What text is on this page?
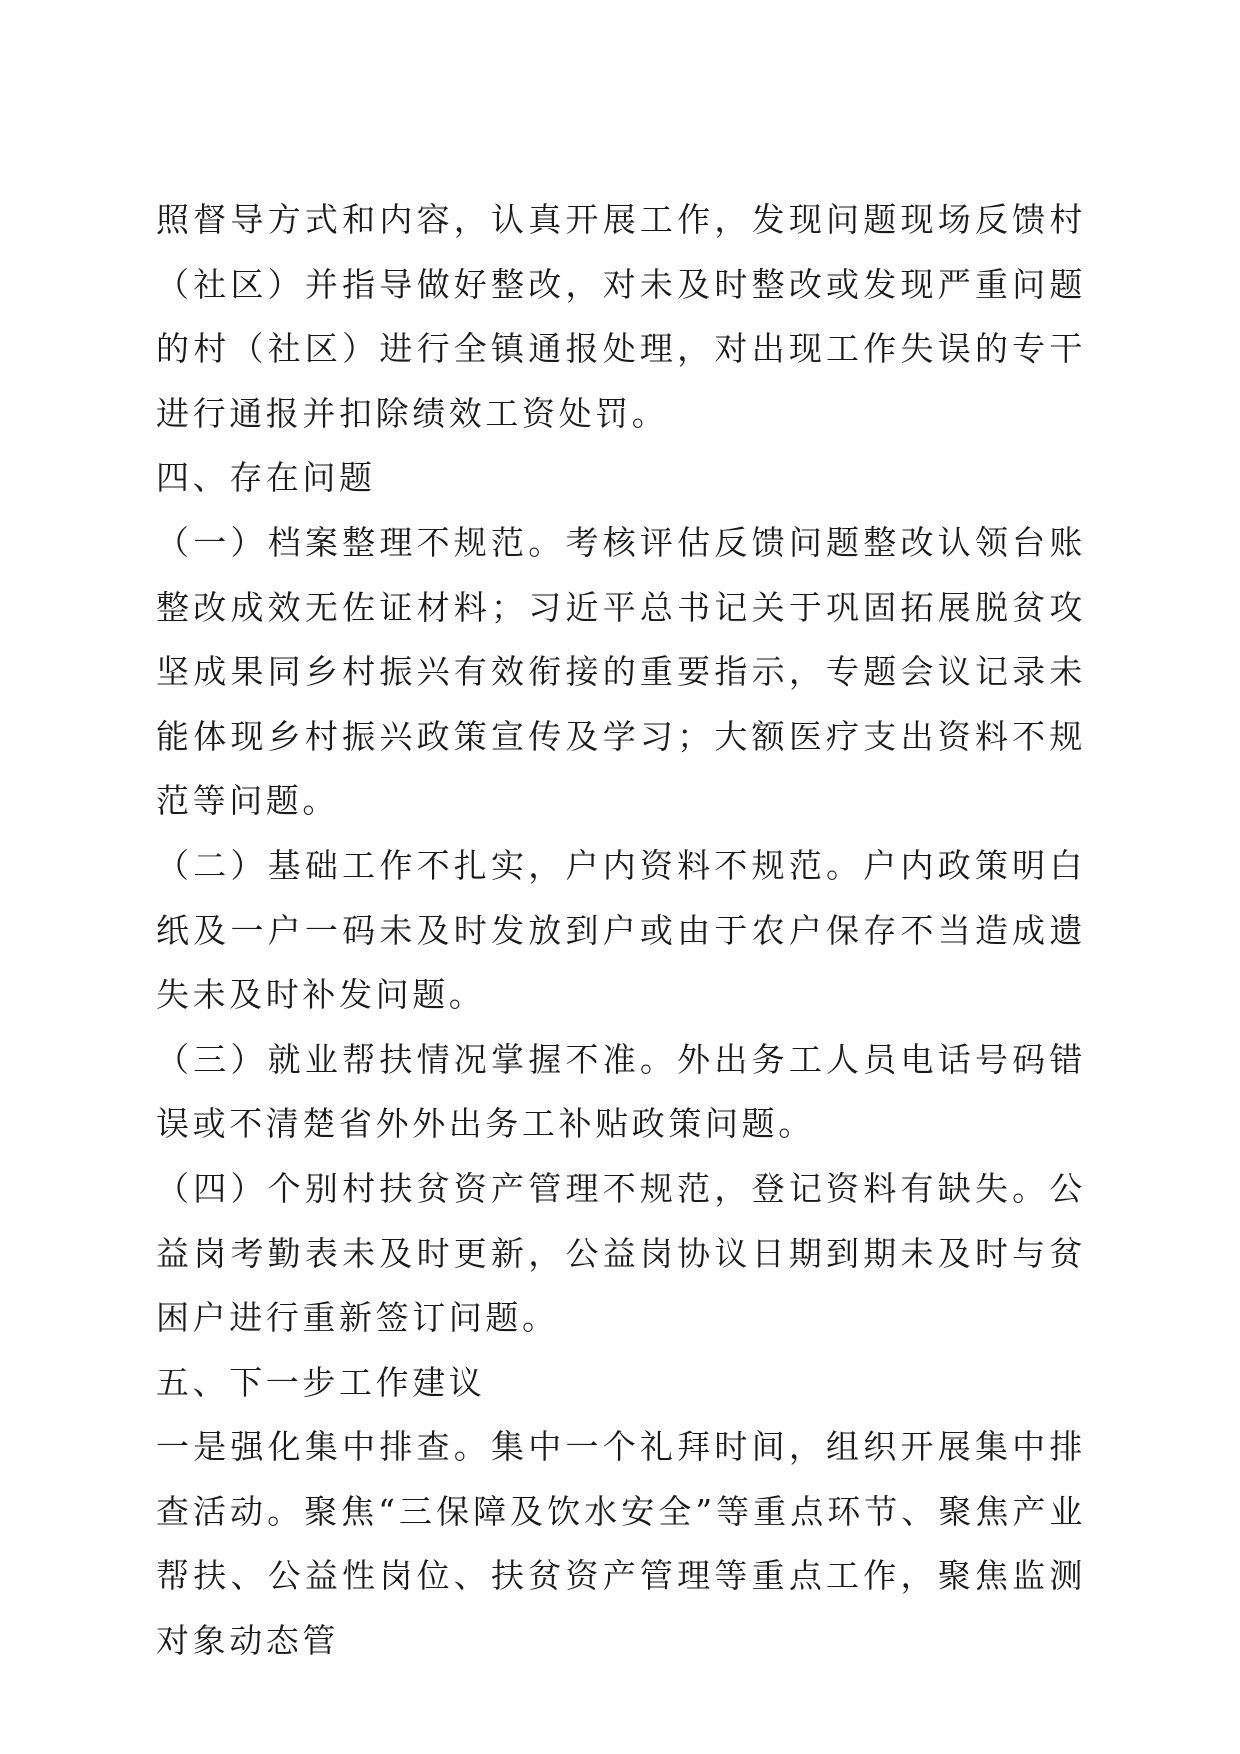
照督导方式和内容，认真开展工作，发现问题现场反馈村（社区）并指导做好整改，对未及时整改或发现严重问题的村（社区）进行全镇通报处理，对出现工作失误的专干进行通报并扣除绩效工资处罚。

四、存在问题

（一）档案整理不规范。考核评估反馈问题整改认领台账整改成效无佐证材料；习近平总书记关于巩固拓展脱贫攻坚成果同乡村振兴有效衔接的重要指示，专题会议记录未能体现乡村振兴政策宣传及学习；大额医疗支出资料不规范等问题。

（二）基础工作不扎实，户内资料不规范。户内政策明白纸及一户一码未及时发放到户或由于农户保存不当造成遗失未及时补发问题。

（三）就业帮扶情况掌握不准。外出务工人员电话号码错误或不清楚省外外出务工补贴政策问题。

（四）个别村扶贫资产管理不规范，登记资料有缺失。公益岗考勤表未及时更新，公益岗协议日期到期未及时与贫困户进行重新签订问题。

五、下一步工作建议

一是强化集中排查。集中一个礼拜时间，组织开展集中排查活动。聚焦“三保障及饮水安全”等重点环节、聚焦产业帮扶、公益性岗位、扶贫资产管理等重点工作，聚焦监测对象动态管
